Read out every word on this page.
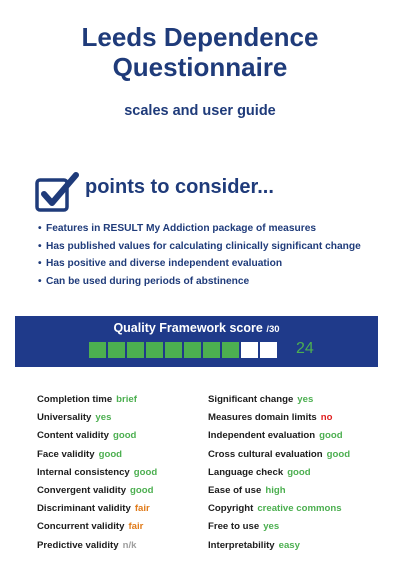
Leeds Dependence
Questionnaire
scales and user guide
points to consider...
• Features in RESULT My Addiction package of measures
• Has published values for calculating clinically significant change
• Has positive and diverse independent evaluation
• Can be used during periods of abstinence
Quality Framework score /30
24
Completion time brief
Universality yes
Content validity good
Face validity good
Internal consistency good
Convergent validity good
Discriminant validity fair
Concurrent validity fair
Predictive validity n/k
Significant change yes
Measures domain limits no
Independent evaluation good
Cross cultural evaluation good
Language check good
Ease of use high
Copyright creative commons
Free to use yes
Interpretability easy
